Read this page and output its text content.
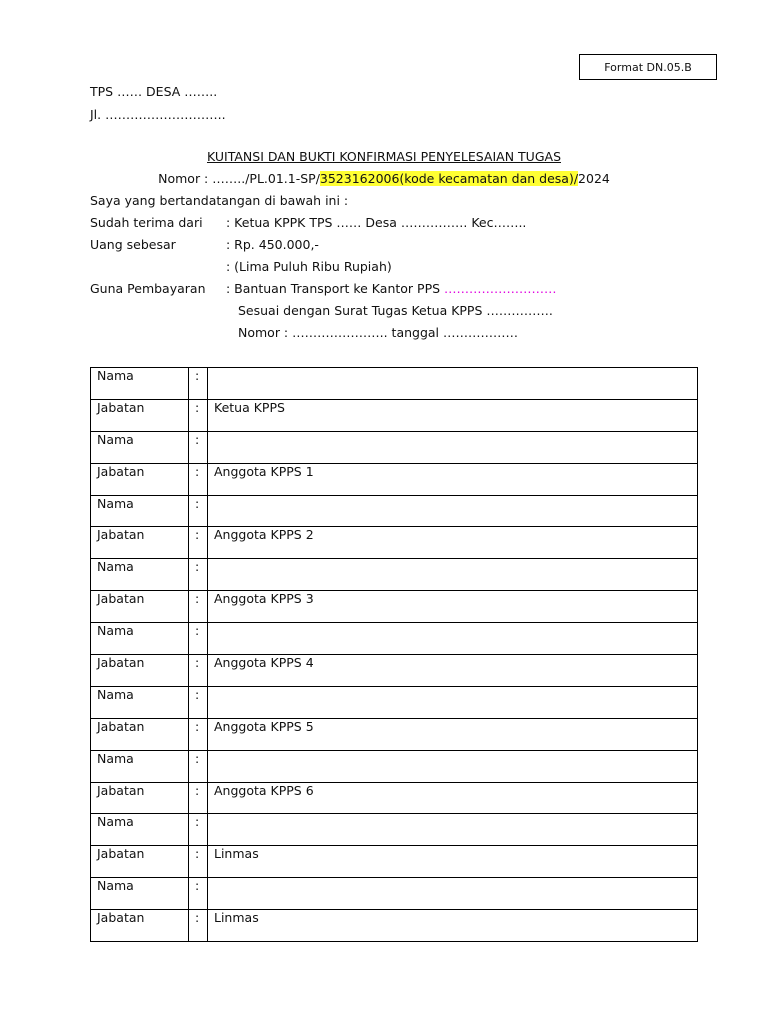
Format DN.05.B
TPS …… DESA ……..
Jl. ………………………..
KUITANSI DAN BUKTI KONFIRMASI PENYELESAIAN TUGAS
Nomor : ……../PL.01.1-SP/3523162006(kode kecamatan dan desa)/2024
Saya yang bertandatangan di bawah ini :
Sudah terima dari : Ketua KPPK TPS …… Desa ……………. Kec……..
Uang sebesar	: Rp. 450.000,-
: (Lima Puluh Ribu Rupiah)
Guna Pembayaran : Bantuan Transport ke Kantor PPS ………………………
Sesuai dengan Surat Tugas Ketua KPPS …………….
Nomor : ………………….. tanggal ………………
Nama	:	
Jabatan	:	Ketua KPPS
Nama	:	
Jabatan	:	Anggota KPPS 1
Nama	:	
Jabatan	:	Anggota KPPS 2
Nama	:	
Jabatan	:	Anggota KPPS 3
Nama	:	
Jabatan	:	Anggota KPPS 4
Nama	:	
Jabatan	:	Anggota KPPS 5
Nama	:	
Jabatan	:	Anggota KPPS 6
Nama	:	
Jabatan	:	Linmas
Nama	:	
Jabatan	:	Linmas
